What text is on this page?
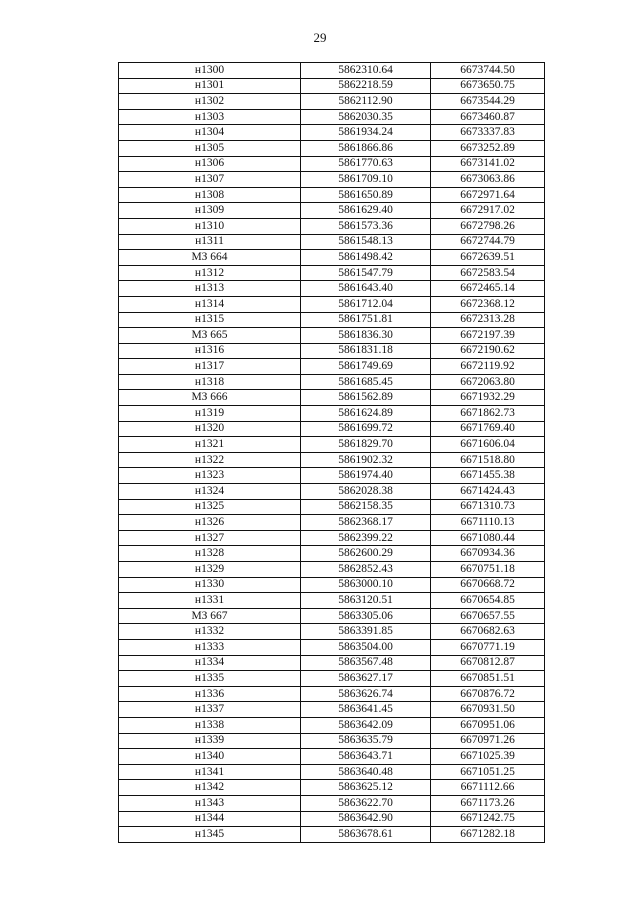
29
н1300	5862310.64	6673744.50
н1301	5862218.59	6673650.75
н1302	5862112.90	6673544.29
н1303	5862030.35	6673460.87
н1304	5861934.24	6673337.83
н1305	5861866.86	6673252.89
н1306	5861770.63	6673141.02
н1307	5861709.10	6673063.86
н1308	5861650.89	6672971.64
н1309	5861629.40	6672917.02
н1310	5861573.36	6672798.26
н1311	5861548.13	6672744.79
МЗ 664	5861498.42	6672639.51
н1312	5861547.79	6672583.54
н1313	5861643.40	6672465.14
н1314	5861712.04	6672368.12
н1315	5861751.81	6672313.28
МЗ 665	5861836.30	6672197.39
н1316	5861831.18	6672190.62
н1317	5861749.69	6672119.92
н1318	5861685.45	6672063.80
МЗ 666	5861562.89	6671932.29
н1319	5861624.89	6671862.73
н1320	5861699.72	6671769.40
н1321	5861829.70	6671606.04
н1322	5861902.32	6671518.80
н1323	5861974.40	6671455.38
н1324	5862028.38	6671424.43
н1325	5862158.35	6671310.73
н1326	5862368.17	6671110.13
н1327	5862399.22	6671080.44
н1328	5862600.29	6670934.36
н1329	5862852.43	6670751.18
н1330	5863000.10	6670668.72
н1331	5863120.51	6670654.85
МЗ 667	5863305.06	6670657.55
н1332	5863391.85	6670682.63
н1333	5863504.00	6670771.19
н1334	5863567.48	6670812.87
н1335	5863627.17	6670851.51
н1336	5863626.74	6670876.72
н1337	5863641.45	6670931.50
н1338	5863642.09	6670951.06
н1339	5863635.79	6670971.26
н1340	5863643.71	6671025.39
н1341	5863640.48	6671051.25
н1342	5863625.12	6671112.66
н1343	5863622.70	6671173.26
н1344	5863642.90	6671242.75
н1345	5863678.61	6671282.18
